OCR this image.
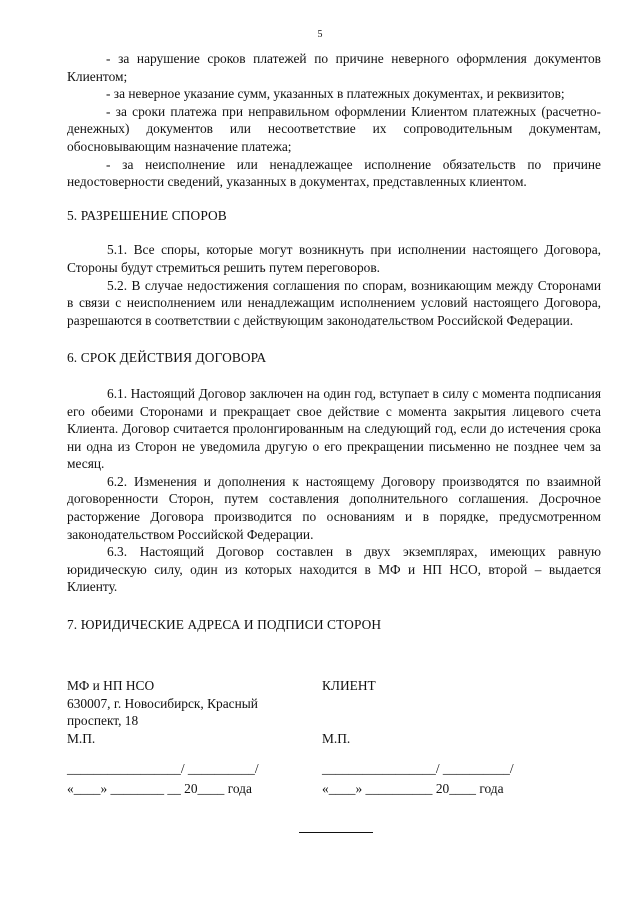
5

- за нарушение сроков платежей по причине неверного оформления документов Клиентом;

- за неверное указание сумм, указанных в платежных документах, и реквизитов;

- за сроки платежа при неправильном оформлении Клиентом платежных (расчетно-денежных) документов или несоответствие их сопроводительным документам, обосновывающим назначение платежа;

- за неисполнение или ненадлежащее исполнение обязательств по причине недостоверности сведений, указанных в документах, представленных клиентом.

5. РАЗРЕШЕНИЕ СПОРОВ

5.1. Все споры, которые могут возникнуть при исполнении настоящего Договора, Стороны будут стремиться решить путем переговоров.

5.2. В случае недостижения соглашения по спорам, возникающим между Сторонами в связи с неисполнением или ненадлежащим исполнением условий настоящего Договора, разрешаются в соответствии с действующим законодательством Российской Федерации.

6. СРОК ДЕЙСТВИЯ ДОГОВОРА

6.1. Настоящий Договор заключен на один год, вступает в силу с момента подписания его обеими Сторонами и прекращает свое действие с момента закрытия лицевого счета Клиента. Договор считается пролонгированным на следующий год, если до истечения срока ни одна из Сторон не уведомила другую о его прекращении письменно не позднее чем за месяц.

6.2. Изменения и дополнения к настоящему Договору производятся по взаимной договоренности Сторон, путем составления дополнительного соглашения. Досрочное расторжение Договора производится по основаниям и в порядке, предусмотренном законодательством Российской Федерации.

6.3. Настоящий Договор составлен в двух экземплярах, имеющих равную юридическую силу, один из которых находится в МФ и НП НСО, второй – выдается Клиенту.

7. ЮРИДИЧЕСКИЕ АДРЕСА И ПОДПИСИ СТОРОН

МФ и НП НСО
630007, г. Новосибирск, Красный проспект, 18
М.П.
КЛИЕНТ
М.П.
_________________/ __________/	_________________/ __________/
«____» ________ __ 20____ года	«____» __________ 20____ года
